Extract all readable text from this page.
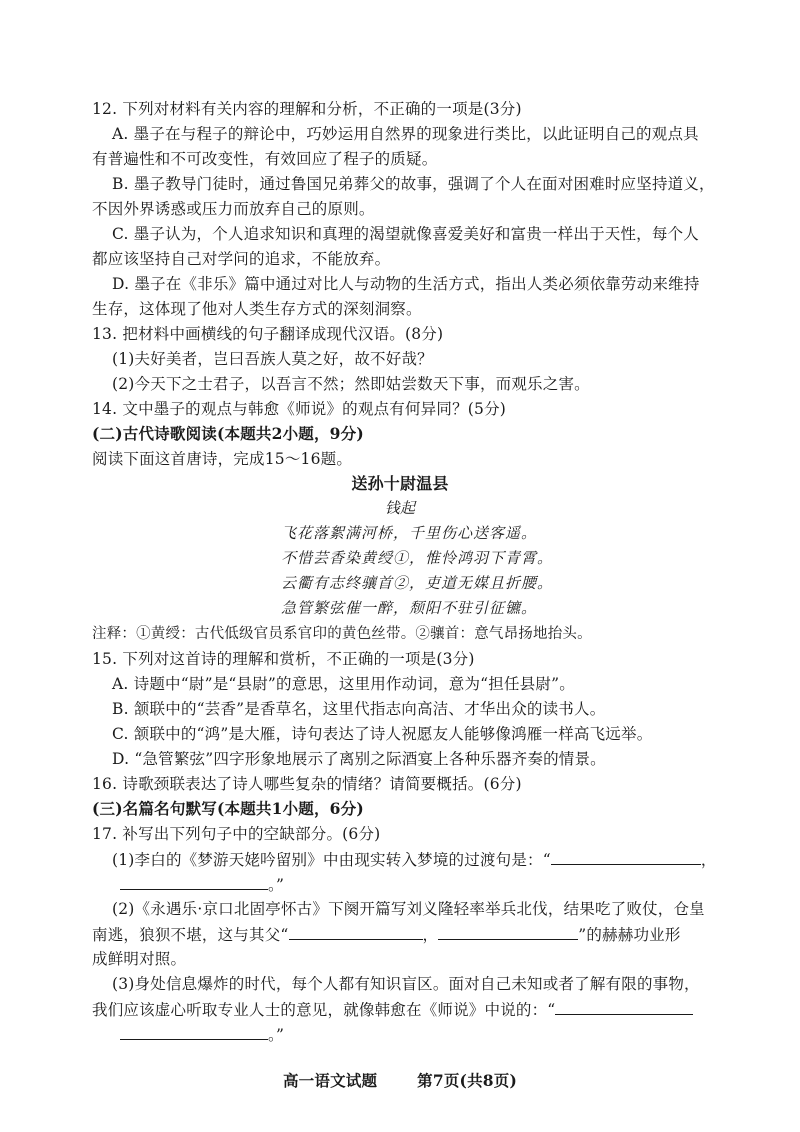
12. 下列对材料有关内容的理解和分析，不正确的一项是(3分)
A. 墨子在与程子的辩论中，巧妙运用自然界的现象进行类比，以此证明自己的观点具
有普遍性和不可改变性，有效回应了程子的质疑。
B. 墨子教导门徒时，通过鲁国兄弟葬父的故事，强调了个人在面对困难时应坚持道义，
不因外界诱惑或压力而放弃自己的原则。
C. 墨子认为，个人追求知识和真理的渴望就像喜爱美好和富贵一样出于天性，每个人
都应该坚持自己对学问的追求，不能放弃。
D. 墨子在《非乐》篇中通过对比人与动物的生活方式，指出人类必须依靠劳动来维持
生存，这体现了他对人类生存方式的深刻洞察。
13. 把材料中画横线的句子翻译成现代汉语。(8分)
(1)夫好美者，岂曰吾族人莫之好，故不好哉？
(2)今天下之士君子，以吾言不然；然即姑尝数天下事，而观乐之害。
14. 文中墨子的观点与韩愈《师说》的观点有何异同？(5分)
(二)古代诗歌阅读(本题共2小题，9分)
阅读下面这首唐诗，完成15～16题。
送孙十尉温县
钱起
飞花落絮满河桥，千里伤心送客遥。
不惜芸香染黄绶①，惟怜鸿羽下青霄。
云衢有志终骧首②，吏道无媒且折腰。
急管繁弦催一醉，颓阳不驻引征镳。
注释：①黄绶：古代低级官员系官印的黄色丝带。②骧首：意气昂扬地抬头。
15. 下列对这首诗的理解和赏析，不正确的一项是(3分)
A. 诗题中“尉”是“县尉”的意思，这里用作动词，意为“担任县尉”。
B. 颔联中的“芸香”是香草名，这里代指志向高洁、才华出众的读书人。
C. 颔联中的“鸿”是大雁，诗句表达了诗人祝愿友人能够像鸿雁一样高飞远举。
D. “急管繁弦”四字形象地展示了离别之际酒宴上各种乐器齐奏的情景。
16. 诗歌颈联表达了诗人哪些复杂的情绪？请简要概括。(6分)
(三)名篇名句默写(本题共1小题，6分)
17. 补写出下列句子中的空缺部分。(6分)
(1)李白的《梦游天姥吟留别》中由现实转入梦境的过渡句是：“	，
。”
(2)《永遇乐·京口北固亭怀古》下阕开篇写刘义隆轻率举兵北伐，结果吃了败仗，仓皇
南逃，狼狈不堪，这与其父“	，	”的赫赫功业形
成鲜明对照。
(3)身处信息爆炸的时代，每个人都有知识盲区。面对自己未知或者了解有限的事物，
我们应该虚心听取专业人士的意见，就像韩愈在《师说》中说的：“
。”
高一语文试题	第7页(共8页)
